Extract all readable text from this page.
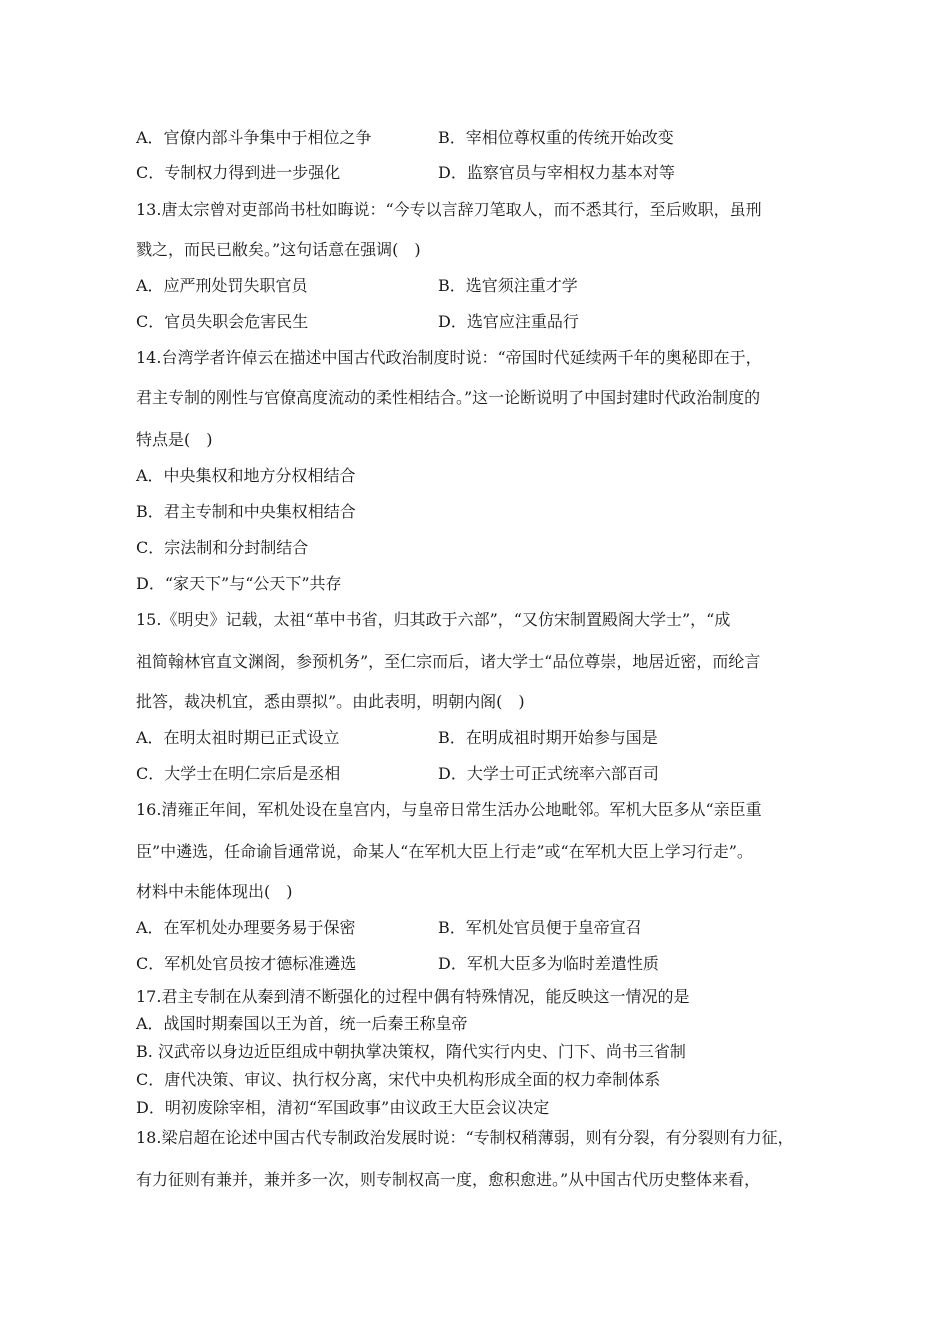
A．官僚内部斗争集中于相位之争	B．宰相位尊权重的传统开始改变
C．专制权力得到进一步强化	D．监察官员与宰相权力基本对等
13.唐太宗曾对吏部尚书杜如晦说：“今专以言辞刀笔取人，而不悉其行，至后败职，虽刑
戮之，而民已敝矣。”这句话意在强调(　)
A．应严刑处罚失职官员	B．选官须注重才学
C．官员失职会危害民生	D．选官应注重品行
14.台湾学者许倬云在描述中国古代政治制度时说：“帝国时代延续两千年的奥秘即在于，
君主专制的刚性与官僚高度流动的柔性相结合。”这一论断说明了中国封建时代政治制度的
特点是(　)
A．中央集权和地方分权相结合
B．君主专制和中央集权相结合
C．宗法制和分封制结合
D．“家天下”与“公天下”共存
15.《明史》记载，太祖“革中书省，归其政于六部”，“又仿宋制置殿阁大学士”，“成
祖简翰林官直文渊阁，参预机务”，至仁宗而后，诸大学士“品位尊崇，地居近密，而纶言
批答，裁决机宜，悉由票拟”。由此表明，明朝内阁(　)
A．在明太祖时期已正式设立	B．在明成祖时期开始参与国是
C．大学士在明仁宗后是丞相	D．大学士可正式统率六部百司
16.清雍正年间，军机处设在皇宫内，与皇帝日常生活办公地毗邻。军机大臣多从“亲臣重
臣”中遴选，任命谕旨通常说，命某人“在军机大臣上行走”或“在军机大臣上学习行走”。
材料中未能体现出(　)
A．在军机处办理要务易于保密	B．军机处官员便于皇帝宣召
C．军机处官员按才德标准遴选	D．军机大臣多为临时差遣性质
17.君主专制在从秦到清不断强化的过程中偶有特殊情况，能反映这一情况的是
A．战国时期秦国以王为首，统一后秦王称皇帝
B. 汉武帝以身边近臣组成中朝执掌决策权，隋代实行内史、门下、尚书三省制
C．唐代决策、审议、执行权分离，宋代中央机构形成全面的权力牵制体系
D．明初废除宰相，清初“军国政事”由议政王大臣会议决定
18.梁启超在论述中国古代专制政治发展时说：“专制权稍薄弱，则有分裂，有分裂则有力征，
有力征则有兼并，兼并多一次，则专制权高一度，愈积愈进。”从中国古代历史整体来看，
